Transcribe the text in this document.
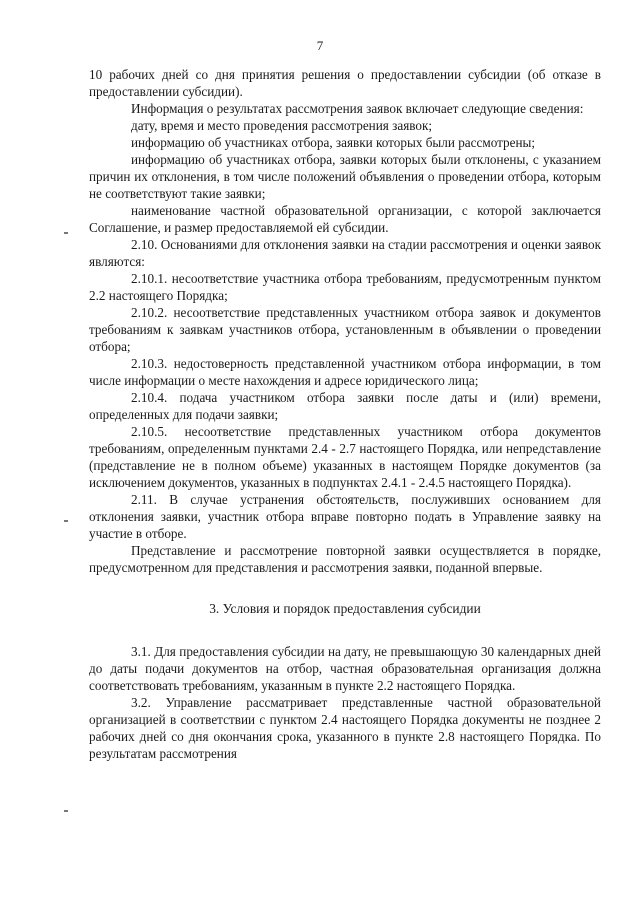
7

10 рабочих дней со дня принятия решения о предоставлении субсидии (об отказе в предоставлении субсидии).

Информация о результатах рассмотрения заявок включает следующие сведения:

дату, время и место проведения рассмотрения заявок;

информацию об участниках отбора, заявки которых были рассмотрены;

информацию об участниках отбора, заявки которых были отклонены, с указанием причин их отклонения, в том числе положений объявления о проведении отбора, которым не соответствуют такие заявки;

наименование частной образовательной организации, с которой заключается Соглашение, и размер предоставляемой ей субсидии.

2.10. Основаниями для отклонения заявки на стадии рассмотрения и оценки заявок являются:

2.10.1. несоответствие участника отбора требованиям, предусмотренным пунктом 2.2 настоящего Порядка;

2.10.2. несоответствие представленных участником отбора заявок и документов требованиям к заявкам участников отбора, установленным в объявлении о проведении отбора;

2.10.3. недостоверность представленной участником отбора информации, в том числе информации о месте нахождения и адресе юридического лица;

2.10.4. подача участником отбора заявки после даты и (или) времени, определенных для подачи заявки;

2.10.5. несоответствие представленных участником отбора документов требованиям, определенным пунктами 2.4 - 2.7 настоящего Порядка, или непредставление (представление не в полном объеме) указанных в настоящем Порядке документов (за исключением документов, указанных в подпунктах 2.4.1 - 2.4.5 настоящего Порядка).

2.11. В случае устранения обстоятельств, послуживших основанием для отклонения заявки, участник отбора вправе повторно подать в Управление заявку на участие в отборе.

Представление и рассмотрение повторной заявки осуществляется в порядке, предусмотренном для представления и рассмотрения заявки, поданной впервые.

3. Условия и порядок предоставления субсидии

3.1. Для предоставления субсидии на дату, не превышающую 30 календарных дней до даты подачи документов на отбор, частная образовательная организация должна соответствовать требованиям, указанным в пункте 2.2 настоящего Порядка.

3.2. Управление рассматривает представленные частной образовательной организацией в соответствии с пунктом 2.4 настоящего Порядка документы не позднее 2 рабочих дней со дня окончания срока, указанного в пункте 2.8 настоящего Порядка. По результатам рассмотрения
